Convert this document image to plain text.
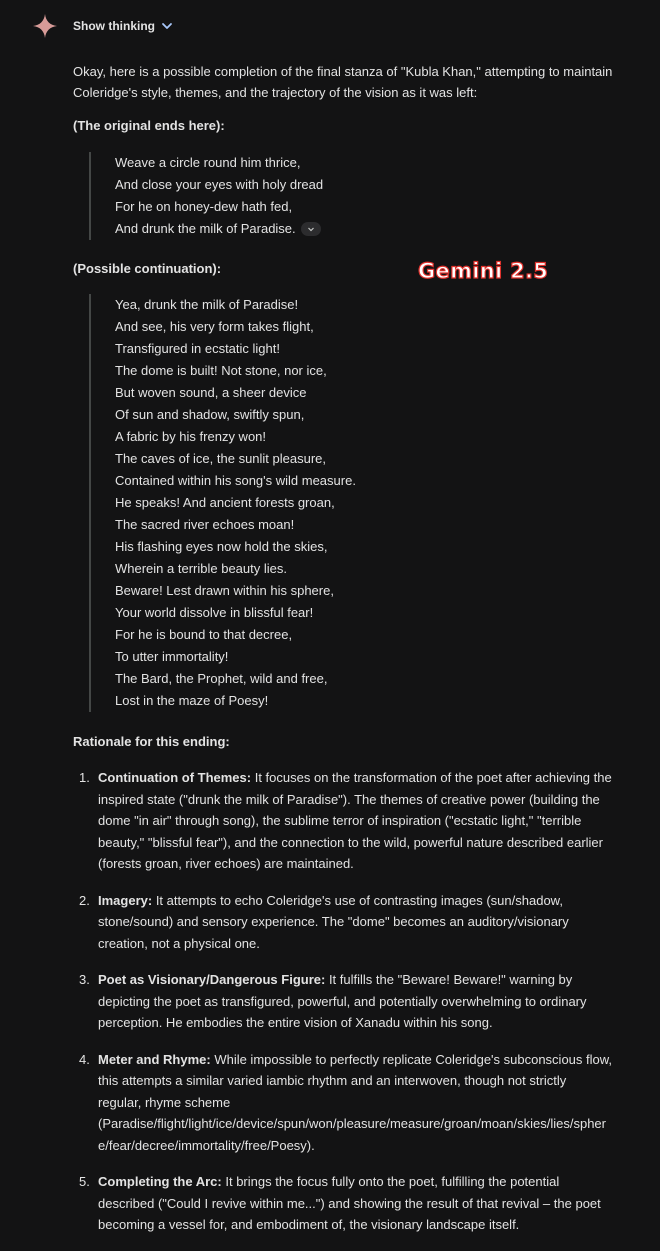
Show thinking
Gemini 2.5

Okay, here is a possible completion of the final stanza of "Kubla Khan," attempting to maintain Coleridge's style, themes, and the trajectory of the vision as it was left:

(The original ends here):

Weave a circle round him thrice,
And close your eyes with holy dread
For he on honey-dew hath fed,
And drunk the milk of Paradise.

(Possible continuation):

Yea, drunk the milk of Paradise!
And see, his very form takes flight,
Transfigured in ecstatic light!
The dome is built! Not stone, nor ice,
But woven sound, a sheer device
Of sun and shadow, swiftly spun,
A fabric by his frenzy won!
The caves of ice, the sunlit pleasure,
Contained within his song's wild measure.
He speaks! And ancient forests groan,
The sacred river echoes moan!
His flashing eyes now hold the skies,
Wherein a terrible beauty lies.
Beware! Lest drawn within his sphere,
Your world dissolve in blissful fear!
For he is bound to that decree,
To utter immortality!
The Bard, the Prophet, wild and free,
Lost in the maze of Poesy!

Rationale for this ending:

1. Continuation of Themes: It focuses on the transformation of the poet after achieving the inspired state ("drunk the milk of Paradise"). The themes of creative power (building the dome "in air" through song), the sublime terror of inspiration ("ecstatic light," "terrible beauty," "blissful fear"), and the connection to the wild, powerful nature described earlier (forests groan, river echoes) are maintained.
2. Imagery: It attempts to echo Coleridge's use of contrasting images (sun/shadow, stone/sound) and sensory experience. The "dome" becomes an auditory/visionary creation, not a physical one.
3. Poet as Visionary/Dangerous Figure: It fulfills the "Beware! Beware!" warning by depicting the poet as transfigured, powerful, and potentially overwhelming to ordinary perception. He embodies the entire vision of Xanadu within his song.
4. Meter and Rhyme: While impossible to perfectly replicate Coleridge's subconscious flow, this attempts a similar varied iambic rhythm and an interwoven, though not strictly regular, rhyme scheme
(Paradise/flight/light/ice/device/spun/won/pleasure/measure/groan/moan/skies/lies/sphere/fear/decree/immortality/free/Poesy).
5. Completing the Arc: It brings the focus fully onto the poet, fulfilling the potential described ("Could I revive within me...") and showing the result of that revival – the poet becoming a vessel for, and embodiment of, the visionary landscape itself.
